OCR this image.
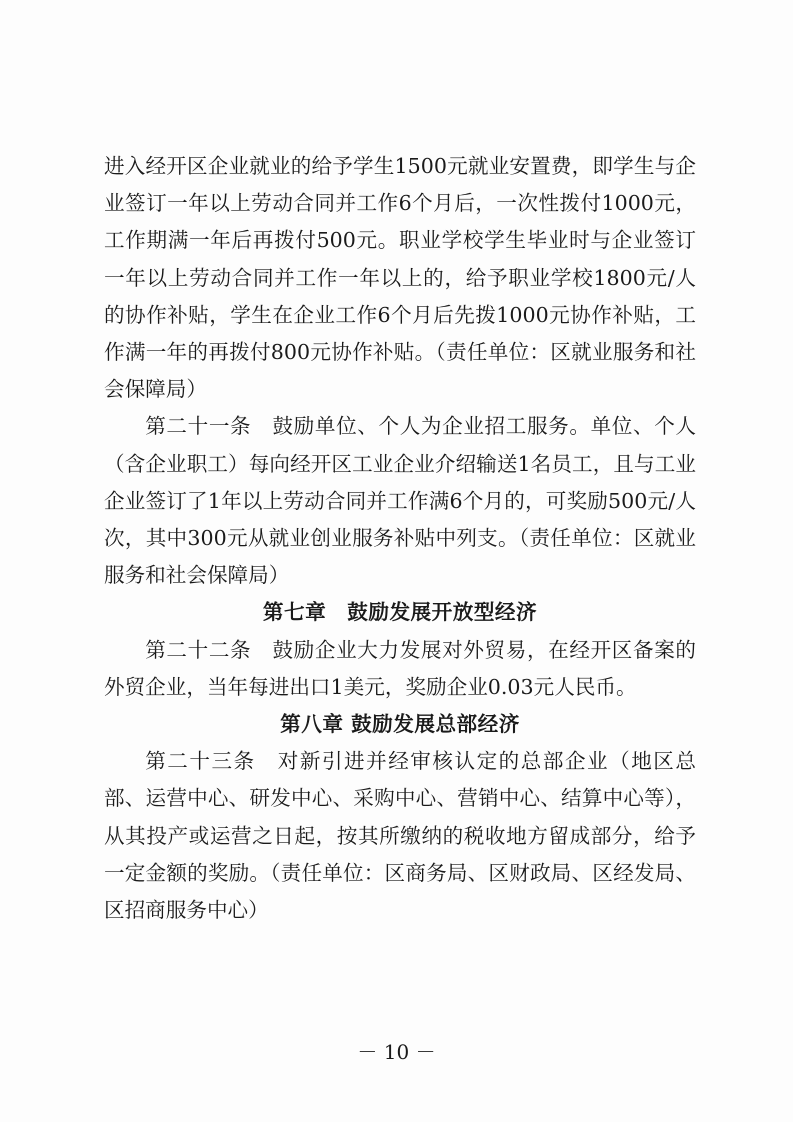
进入经开区企业就业的给予学生1500元就业安置费，即学生与企业签订一年以上劳动合同并工作6个月后，一次性拨付1000元，工作期满一年后再拨付500元。职业学校学生毕业时与企业签订一年以上劳动合同并工作一年以上的，给予职业学校1800元/人的协作补贴，学生在企业工作6个月后先拨1000元协作补贴，工作满一年的再拨付800元协作补贴。（责任单位：区就业服务和社会保障局）

第二十一条　鼓励单位、个人为企业招工服务。单位、个人（含企业职工）每向经开区工业企业介绍输送1名员工，且与工业企业签订了1年以上劳动合同并工作满6个月的，可奖励500元/人次，其中300元从就业创业服务补贴中列支。（责任单位：区就业服务和社会保障局）

第七章　鼓励发展开放型经济

第二十二条　鼓励企业大力发展对外贸易，在经开区备案的外贸企业，当年每进出口1美元，奖励企业0.03元人民币。

第八章 鼓励发展总部经济

第二十三条　对新引进并经审核认定的总部企业（地区总部、运营中心、研发中心、采购中心、营销中心、结算中心等），从其投产或运营之日起，按其所缴纳的税收地方留成部分，给予一定金额的奖励。（责任单位：区商务局、区财政局、区经发局、区招商服务中心）

－ 10 －
